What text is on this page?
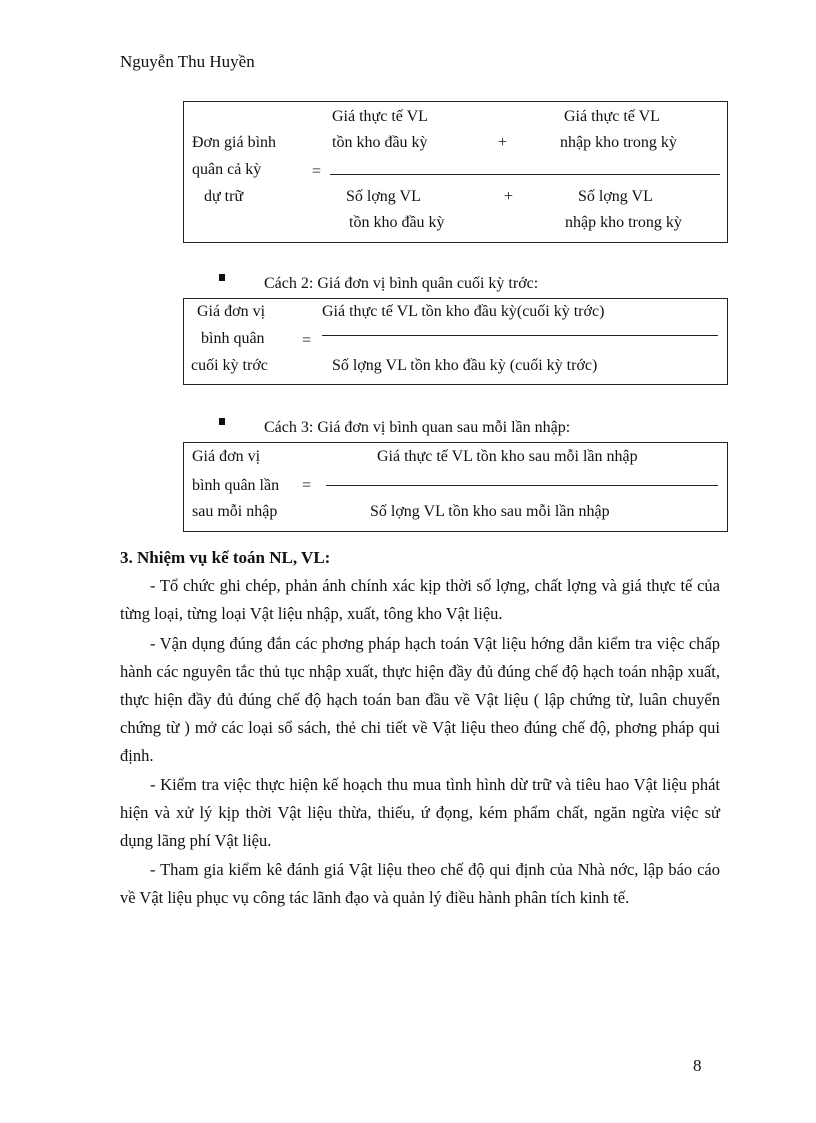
Nguyễn Thu Huyền
Đơn giá bình
quân cả kỳ
dự trữ
=
Giá thực tế VL
tồn kho đầu kỳ	+
Giá thực tế VL
nhập kho trong kỳ
Số lợng VL
tồn kho đầu kỳ
+	Số lợng VL
nhập kho trong kỳ
Cách 2: Giá đơn vị bình quân cuối kỳ trớc:
Giá đơn vị
bình quân
cuối kỳ trớc
=
Giá thực tế VL tồn kho đầu kỳ(cuối kỳ trớc)
Số lợng VL tồn kho đầu kỳ (cuối kỳ trớc)
Cách 3: Giá đơn vị bình quan sau mỗi lần nhập:
Giá đơn vị
bình quân lần
sau mỗi nhập
=
Giá thực tế VL tồn kho sau mỗi lần nhập
Số lợng VL tồn kho sau mỗi lần nhập
3. Nhiệm vụ kế toán NL, VL:

- Tổ chức ghi chép, phản ánh chính xác kịp thời số lợng, chất lợng và giá thực tế của từng loại, từng loại Vật liệu nhập, xuất, tông kho Vật liệu.

- Vận dụng đúng đắn các phơng pháp hạch toán Vật liệu hớng dẫn kiểm tra việc chấp hành các nguyên tắc thủ tục nhập xuất, thực hiện đầy đủ đúng chế độ hạch toán nhập xuất, thực hiện đầy đủ đúng chế độ hạch toán ban đầu về Vật liệu ( lập chứng từ, luân chuyển chứng từ ) mở các loại sổ sách, thẻ chi tiết về Vật liệu theo đúng chế độ, phơng pháp qui định.

- Kiểm tra việc thực hiện kế hoạch thu mua tình hình dừ trữ và tiêu hao Vật liệu phát hiện và xử lý kịp thời Vật liệu thừa, thiếu, ứ đọng, kém phẩm chất, ngăn ngừa việc sử dụng lãng phí Vật liệu.

- Tham gia kiểm kê đánh giá Vật liệu theo chế độ qui định của Nhà nớc, lập báo cáo về Vật liệu phục vụ công tác lãnh đạo và quản lý điều hành phân tích kinh tế.

8
